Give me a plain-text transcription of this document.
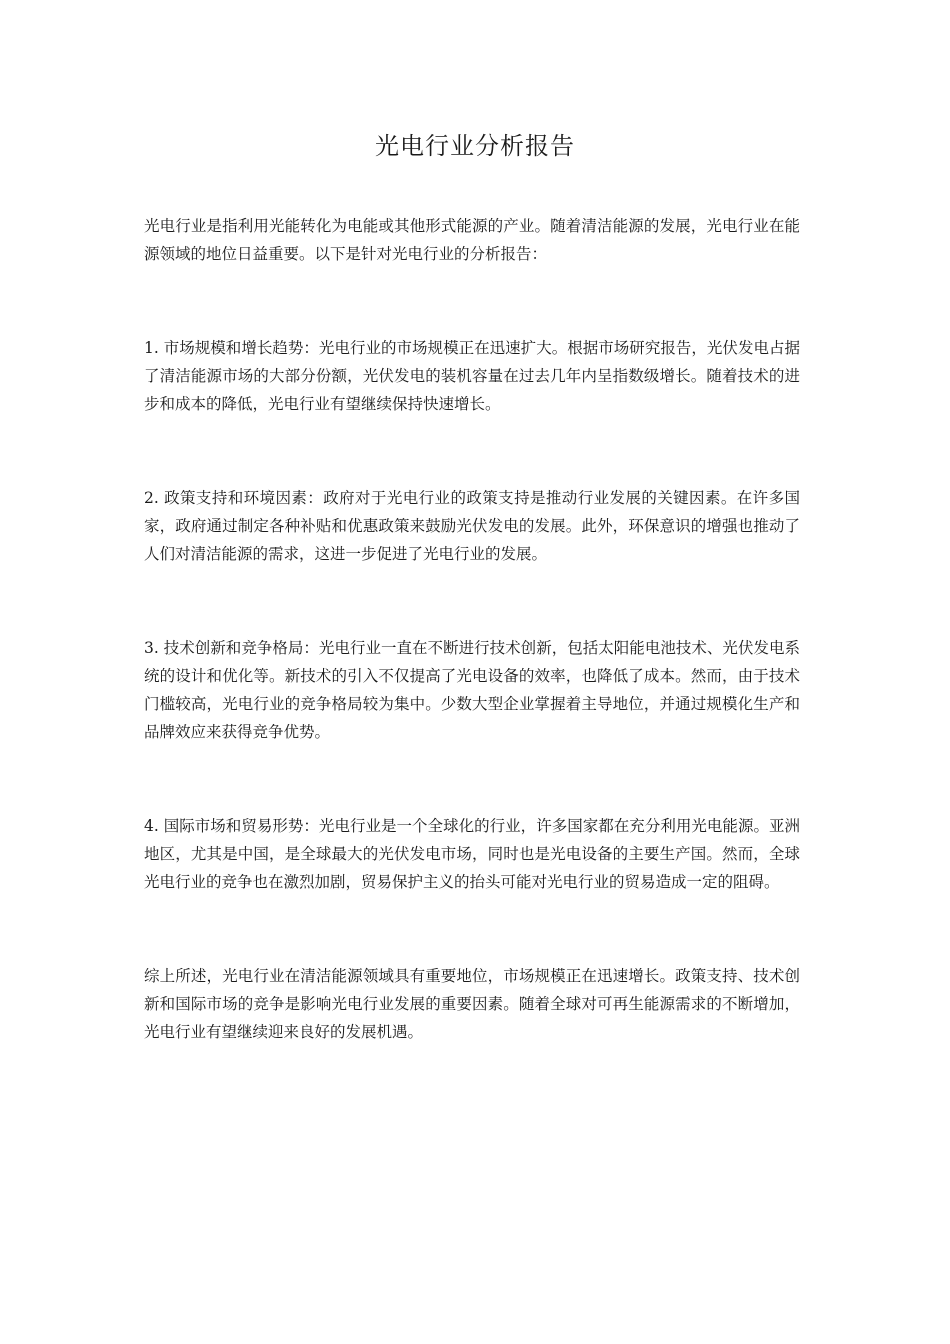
光电行业分析报告

光电行业是指利用光能转化为电能或其他形式能源的产业。随着清洁能源的发展，光电行业在能源领域的地位日益重要。以下是针对光电行业的分析报告：

1. 市场规模和增长趋势：光电行业的市场规模正在迅速扩大。根据市场研究报告，光伏发电占据了清洁能源市场的大部分份额，光伏发电的装机容量在过去几年内呈指数级增长。随着技术的进步和成本的降低，光电行业有望继续保持快速增长。

2. 政策支持和环境因素：政府对于光电行业的政策支持是推动行业发展的关键因素。在许多国家，政府通过制定各种补贴和优惠政策来鼓励光伏发电的发展。此外，环保意识的增强也推动了人们对清洁能源的需求，这进一步促进了光电行业的发展。

3. 技术创新和竞争格局：光电行业一直在不断进行技术创新，包括太阳能电池技术、光伏发电系统的设计和优化等。新技术的引入不仅提高了光电设备的效率，也降低了成本。然而，由于技术门槛较高，光电行业的竞争格局较为集中。少数大型企业掌握着主导地位，并通过规模化生产和品牌效应来获得竞争优势。

4. 国际市场和贸易形势：光电行业是一个全球化的行业，许多国家都在充分利用光电能源。亚洲地区，尤其是中国，是全球最大的光伏发电市场，同时也是光电设备的主要生产国。然而，全球光电行业的竞争也在激烈加剧，贸易保护主义的抬头可能对光电行业的贸易造成一定的阻碍。

综上所述，光电行业在清洁能源领域具有重要地位，市场规模正在迅速增长。政策支持、技术创新和国际市场的竞争是影响光电行业发展的重要因素。随着全球对可再生能源需求的不断增加，光电行业有望继续迎来良好的发展机遇。
